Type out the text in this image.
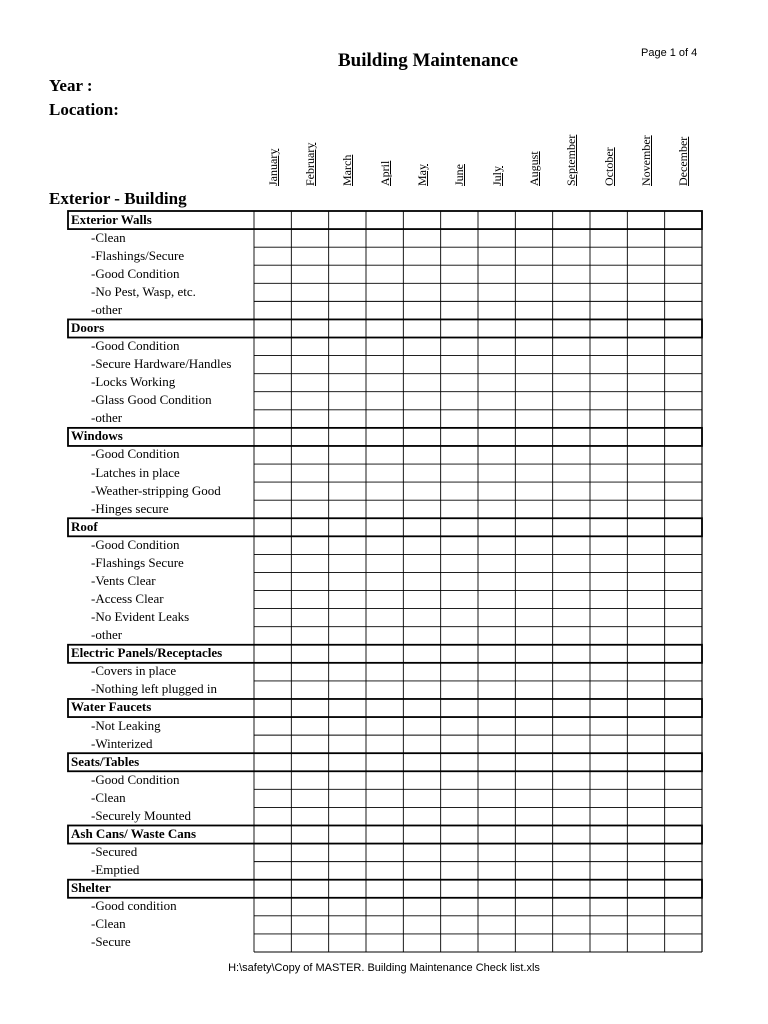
Building Maintenance	Page 1 of 4
Year :
Location:
January February March April May June July August September October November December
Exterior - Building
Exterior Walls
-Clean
-Flashings/Secure
-Good Condition
-No Pest, Wasp, etc.
-other
Doors
-Good Condition
-Secure Hardware/Handles
-Locks Working
-Glass Good Condition
-other
Windows
-Good Condition
-Latches in place
-Weather-stripping Good
-Hinges secure
Roof
-Good Condition
-Flashings Secure
-Vents Clear
-Access Clear
-No Evident Leaks
-other
Electric Panels/Receptacles
-Covers in place
-Nothing left plugged in
Water Faucets
-Not Leaking
-Winterized
Seats/Tables
-Good Condition
-Clean
-Securely Mounted
Ash Cans/ Waste Cans
-Secured
-Emptied
Shelter
-Good condition
-Clean
-Secure
H:\safety\Copy of MASTER. Building Maintenance Check list.xls
